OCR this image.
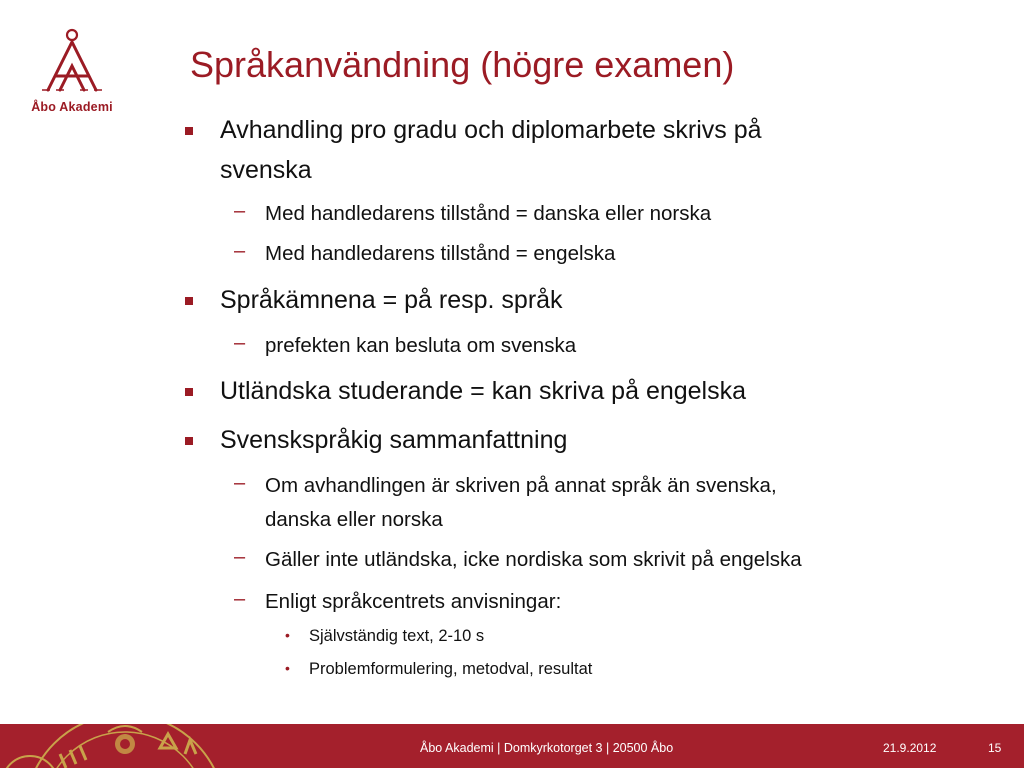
Åbo Akademi
Språkanvändning (högre examen)
Avhandling pro gradu och diplomarbete skrivs på
svenska
– Med handledarens tillstånd = danska eller norska
– Med handledarens tillstånd = engelska
Språkämnena = på resp. språk
– prefekten kan besluta om svenska
Utländska studerande = kan skriva på engelska
Svenskspråkig sammanfattning
– Om avhandlingen är skriven på annat språk än svenska,
danska eller norska
– Gäller inte utländska, icke nordiska som skrivit på engelska
– Enligt språkcentrets anvisningar:
• Självständig text, 2-10 s
• Problemformulering, metodval, resultat
Åbo Akademi | Domkyrkotorget 3 | 20500 Åbo	21.9.2012	15
